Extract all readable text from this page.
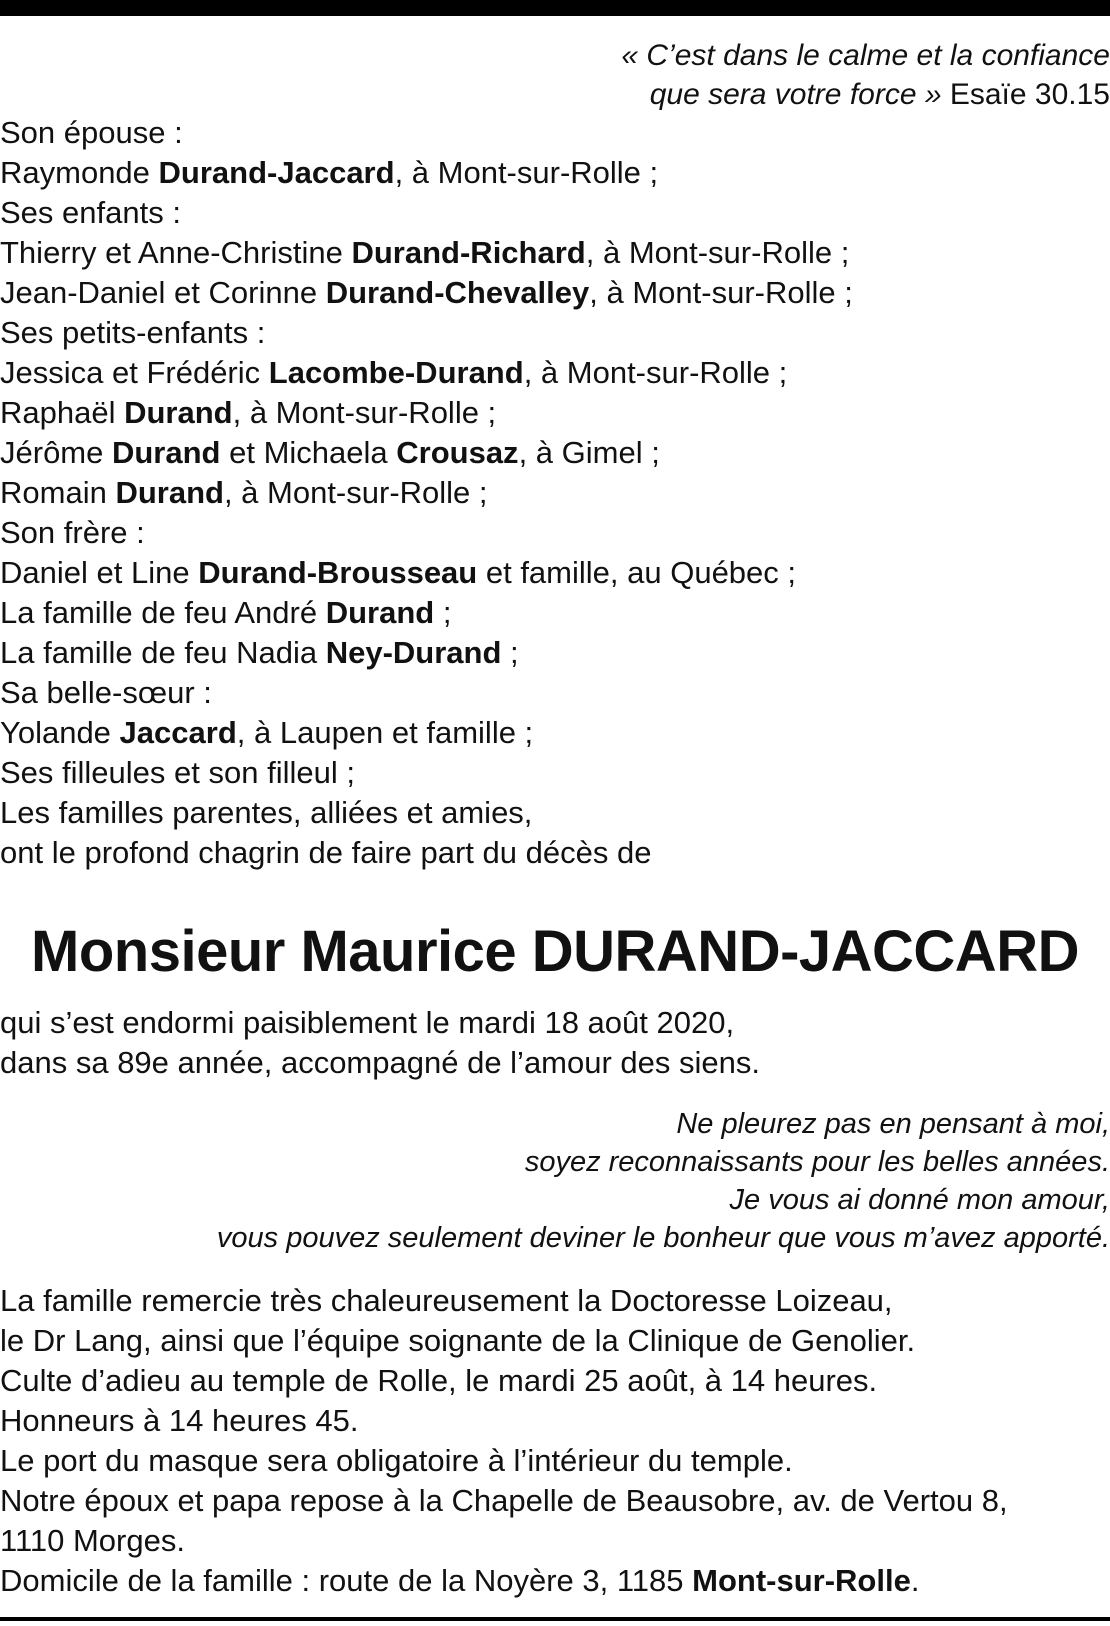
« C’est dans le calme et la confiance
que sera votre force » Esaïe 30.15
Son épouse :
Raymonde Durand-Jaccard, à Mont-sur-Rolle ;
Ses enfants :
Thierry et Anne-Christine Durand-Richard, à Mont-sur-Rolle ;
Jean-Daniel et Corinne Durand-Chevalley, à Mont-sur-Rolle ;
Ses petits-enfants :
Jessica et Frédéric Lacombe-Durand, à Mont-sur-Rolle ;
Raphaël Durand, à Mont-sur-Rolle ;
Jérôme Durand et Michaela Crousaz, à Gimel ;
Romain Durand, à Mont-sur-Rolle ;
Son frère :
Daniel et Line Durand-Brousseau et famille, au Québec ;
La famille de feu André Durand ;
La famille de feu Nadia Ney-Durand ;
Sa belle-sœur :
Yolande Jaccard, à Laupen et famille ;
Ses filleules et son filleul ;
Les familles parentes, alliées et amies,
ont le profond chagrin de faire part du décès de
Monsieur Maurice DURAND-JACCARD
qui s’est endormi paisiblement le mardi 18 août 2020,
dans sa 89e année, accompagné de l’amour des siens.
Ne pleurez pas en pensant à moi,
soyez reconnaissants pour les belles années.
Je vous ai donné mon amour,
vous pouvez seulement deviner le bonheur que vous m’avez apporté.
La famille remercie très chaleureusement la Doctoresse Loizeau,
le Dr Lang, ainsi que l’équipe soignante de la Clinique de Genolier.
Culte d’adieu au temple de Rolle, le mardi 25 août, à 14 heures.
Honneurs à 14 heures 45.
Le port du masque sera obligatoire à l’intérieur du temple.
Notre époux et papa repose à la Chapelle de Beausobre, av. de Vertou 8,
1110 Morges.
Domicile de la famille : route de la Noyère 3, 1185 Mont-sur-Rolle.
